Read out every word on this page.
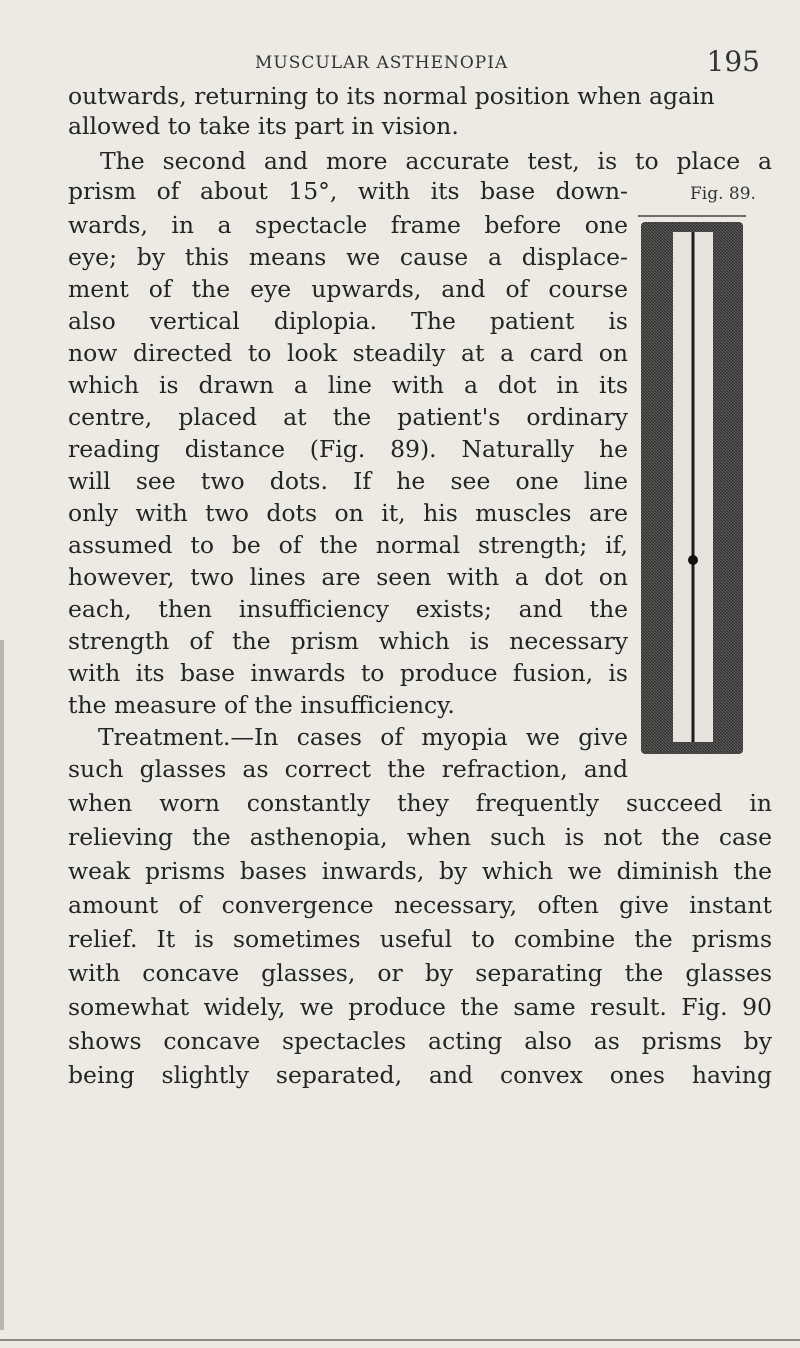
MUSCULAR ASTHENOPIA	195
outwards, returning to its normal position when again
allowed to take its part in vision.
The second and more accurate test, is to place a
prism of about 15°, with its base down-
wards, in a spectacle frame before one
eye; by this means we cause a displace-
ment of the eye upwards, and of course
also vertical diplopia. The patient is
now directed to look steadily at a card on
which is drawn a line with a dot in its
centre, placed at the patient's ordinary
reading distance (Fig. 89). Naturally he
will see two dots. If he see one line
only with two dots on it, his muscles are
assumed to be of the normal strength; if,
however, two lines are seen with a dot on
each, then insufficiency exists; and the
strength of the prism which is necessary
with its base inwards to produce fusion, is
the measure of the insufficiency.
Treatment.—In cases of myopia we give
such glasses as correct the refraction, and
when worn constantly they frequently succeed in
relieving the asthenopia, when such is not the case
weak prisms bases inwards, by which we diminish the
amount of convergence necessary, often give instant
relief. It is sometimes useful to combine the prisms
with concave glasses, or by separating the glasses
somewhat widely, we produce the same result. Fig. 90
shows concave spectacles acting also as prisms by
being slightly separated, and convex ones having
Fig. 89.
